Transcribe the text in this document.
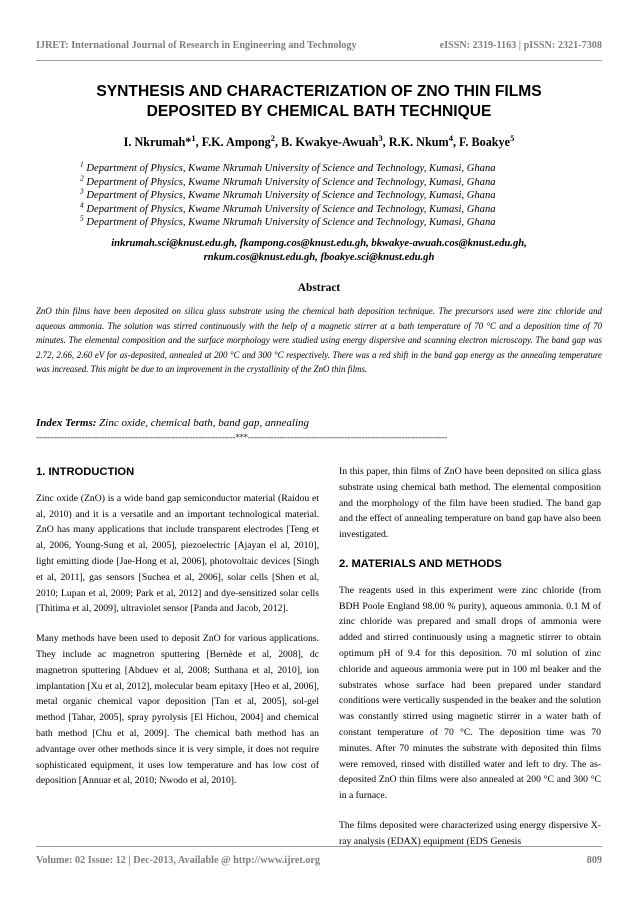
IJRET: International Journal of Research in Engineering and Technology	eISSN: 2319-1163 | pISSN: 2321-7308
SYNTHESIS AND CHARACTERIZATION OF ZNO THIN FILMS
DEPOSITED BY CHEMICAL BATH TECHNIQUE
I. Nkrumah*$^1$, F.K. Ampong$^2$, B. Kwakye-Awuah$^3$, R.K. Nkum$^4$, F. Boakye$^5$
$^1$ Department of Physics, Kwame Nkrumah University of Science and Technology, Kumasi, Ghana
$^2$ Department of Physics, Kwame Nkrumah University of Science and Technology, Kumasi, Ghana
$^3$ Department of Physics, Kwame Nkrumah University of Science and Technology, Kumasi, Ghana
$^4$ Department of Physics, Kwame Nkrumah University of Science and Technology, Kumasi, Ghana
$^5$ Department of Physics, Kwame Nkrumah University of Science and Technology, Kumasi, Ghana
inkrumah.sci@knust.edu.gh, fkampong.cos@knust.edu.gh, bkwakye-awuah.cos@knust.edu.gh,
rnkum.cos@knust.edu.gh, fboakye.sci@knust.edu.gh
Abstract
ZnO thin films have been deposited on silica glass substrate using the chemical bath deposition technique. The precursors used were zinc chloride and aqueous ammonia. The solution was stirred continuously with the help of a magnetic stirrer at a bath temperature of 70 °C and a deposition time of 70 minutes. The elemental composition and the surface morphology were studied using energy dispersive and scanning electron microscopy. The band gap was 2.72, 2.66, 2.60 eV for as-deposited, annealed at 200 °C and 300 °C respectively. There was a red shift in the band gap energy as the annealing temperature was increased. This might be due to an improvement in the crystallinity of the ZnO thin films.
Index Terms: Zinc oxide, chemical bath, band gap, annealing
----------------------------------------------------------------------***----------------------------------------------------------------------
1. INTRODUCTION

Zinc oxide (ZnO) is a wide band gap semiconductor material (Raidou et al, 2010) and it is a versatile and an important technological material. ZnO has many applications that include transparent electrodes [Teng et al, 2006, Young-Sung et al, 2005], piezoelectric [Ajayan el al, 2010], light emitting diode [Jae-Hong et al, 2006], photovoltaic devices [Singh et al, 2011], gas sensors [Suchea et al, 2006], solar cells [Shen et al, 2010; Lupan et al, 2009; Park et al, 2012] and dye-sensitized solar cells [Thitima et al, 2009], ultraviolet sensor [Panda and Jacob, 2012].

Many methods have been used to deposit ZnO for various applications. They include ac magnetron sputtering [Bernède et al, 2008], dc magnetron sputtering [Abduev et al, 2008; Sutthana et al, 2010], ion implantation [Xu et al, 2012], molecular beam epitaxy [Heo et al, 2006], metal organic chemical vapor deposition [Tan et al, 2005], sol-gel method [Tahar, 2005], spray pyrolysis [El Hichou, 2004] and chemical bath method [Chu et al, 2009]. The chemical bath method has an advantage over other methods since it is very simple, it does not require sophisticated equipment, it uses low temperature and has low cost of deposition [Annuar et al, 2010; Nwodo et al, 2010].

In this paper, thin films of ZnO have been deposited on silica glass substrate using chemical bath method. The elemental composition and the morphology of the film have been studied. The band gap and the effect of annealing temperature on band gap have also been investigated.

2. MATERIALS AND METHODS

The reagents used in this experiment were zinc chloride (from BDH Poole England 98.00 % purity), aqueous ammonia. 0.1 M of zinc chloride was prepared and small drops of ammonia were added and stirred continuously using a magnetic stirrer to obtain optimum pH of 9.4 for this deposition. 70 ml solution of zinc chloride and aqueous ammonia were put in 100 ml beaker and the substrates whose surface had been prepared under standard conditions were vertically suspended in the beaker and the solution was constantly stirred using magnetic stirrer in a water bath of constant temperature of 70 °C. The deposition time was 70 minutes. After 70 minutes the substrate with deposited thin films were removed, rinsed with distilled water and left to dry. The as-deposited ZnO thin films were also annealed at 200 °C and 300 °C in a furnace.

The films deposited were characterized using energy dispersive X-ray analysis (EDAX) equipment (EDS Genesis

Volume: 02 Issue: 12 | Dec-2013, Available @ http://www.ijret.org	809
